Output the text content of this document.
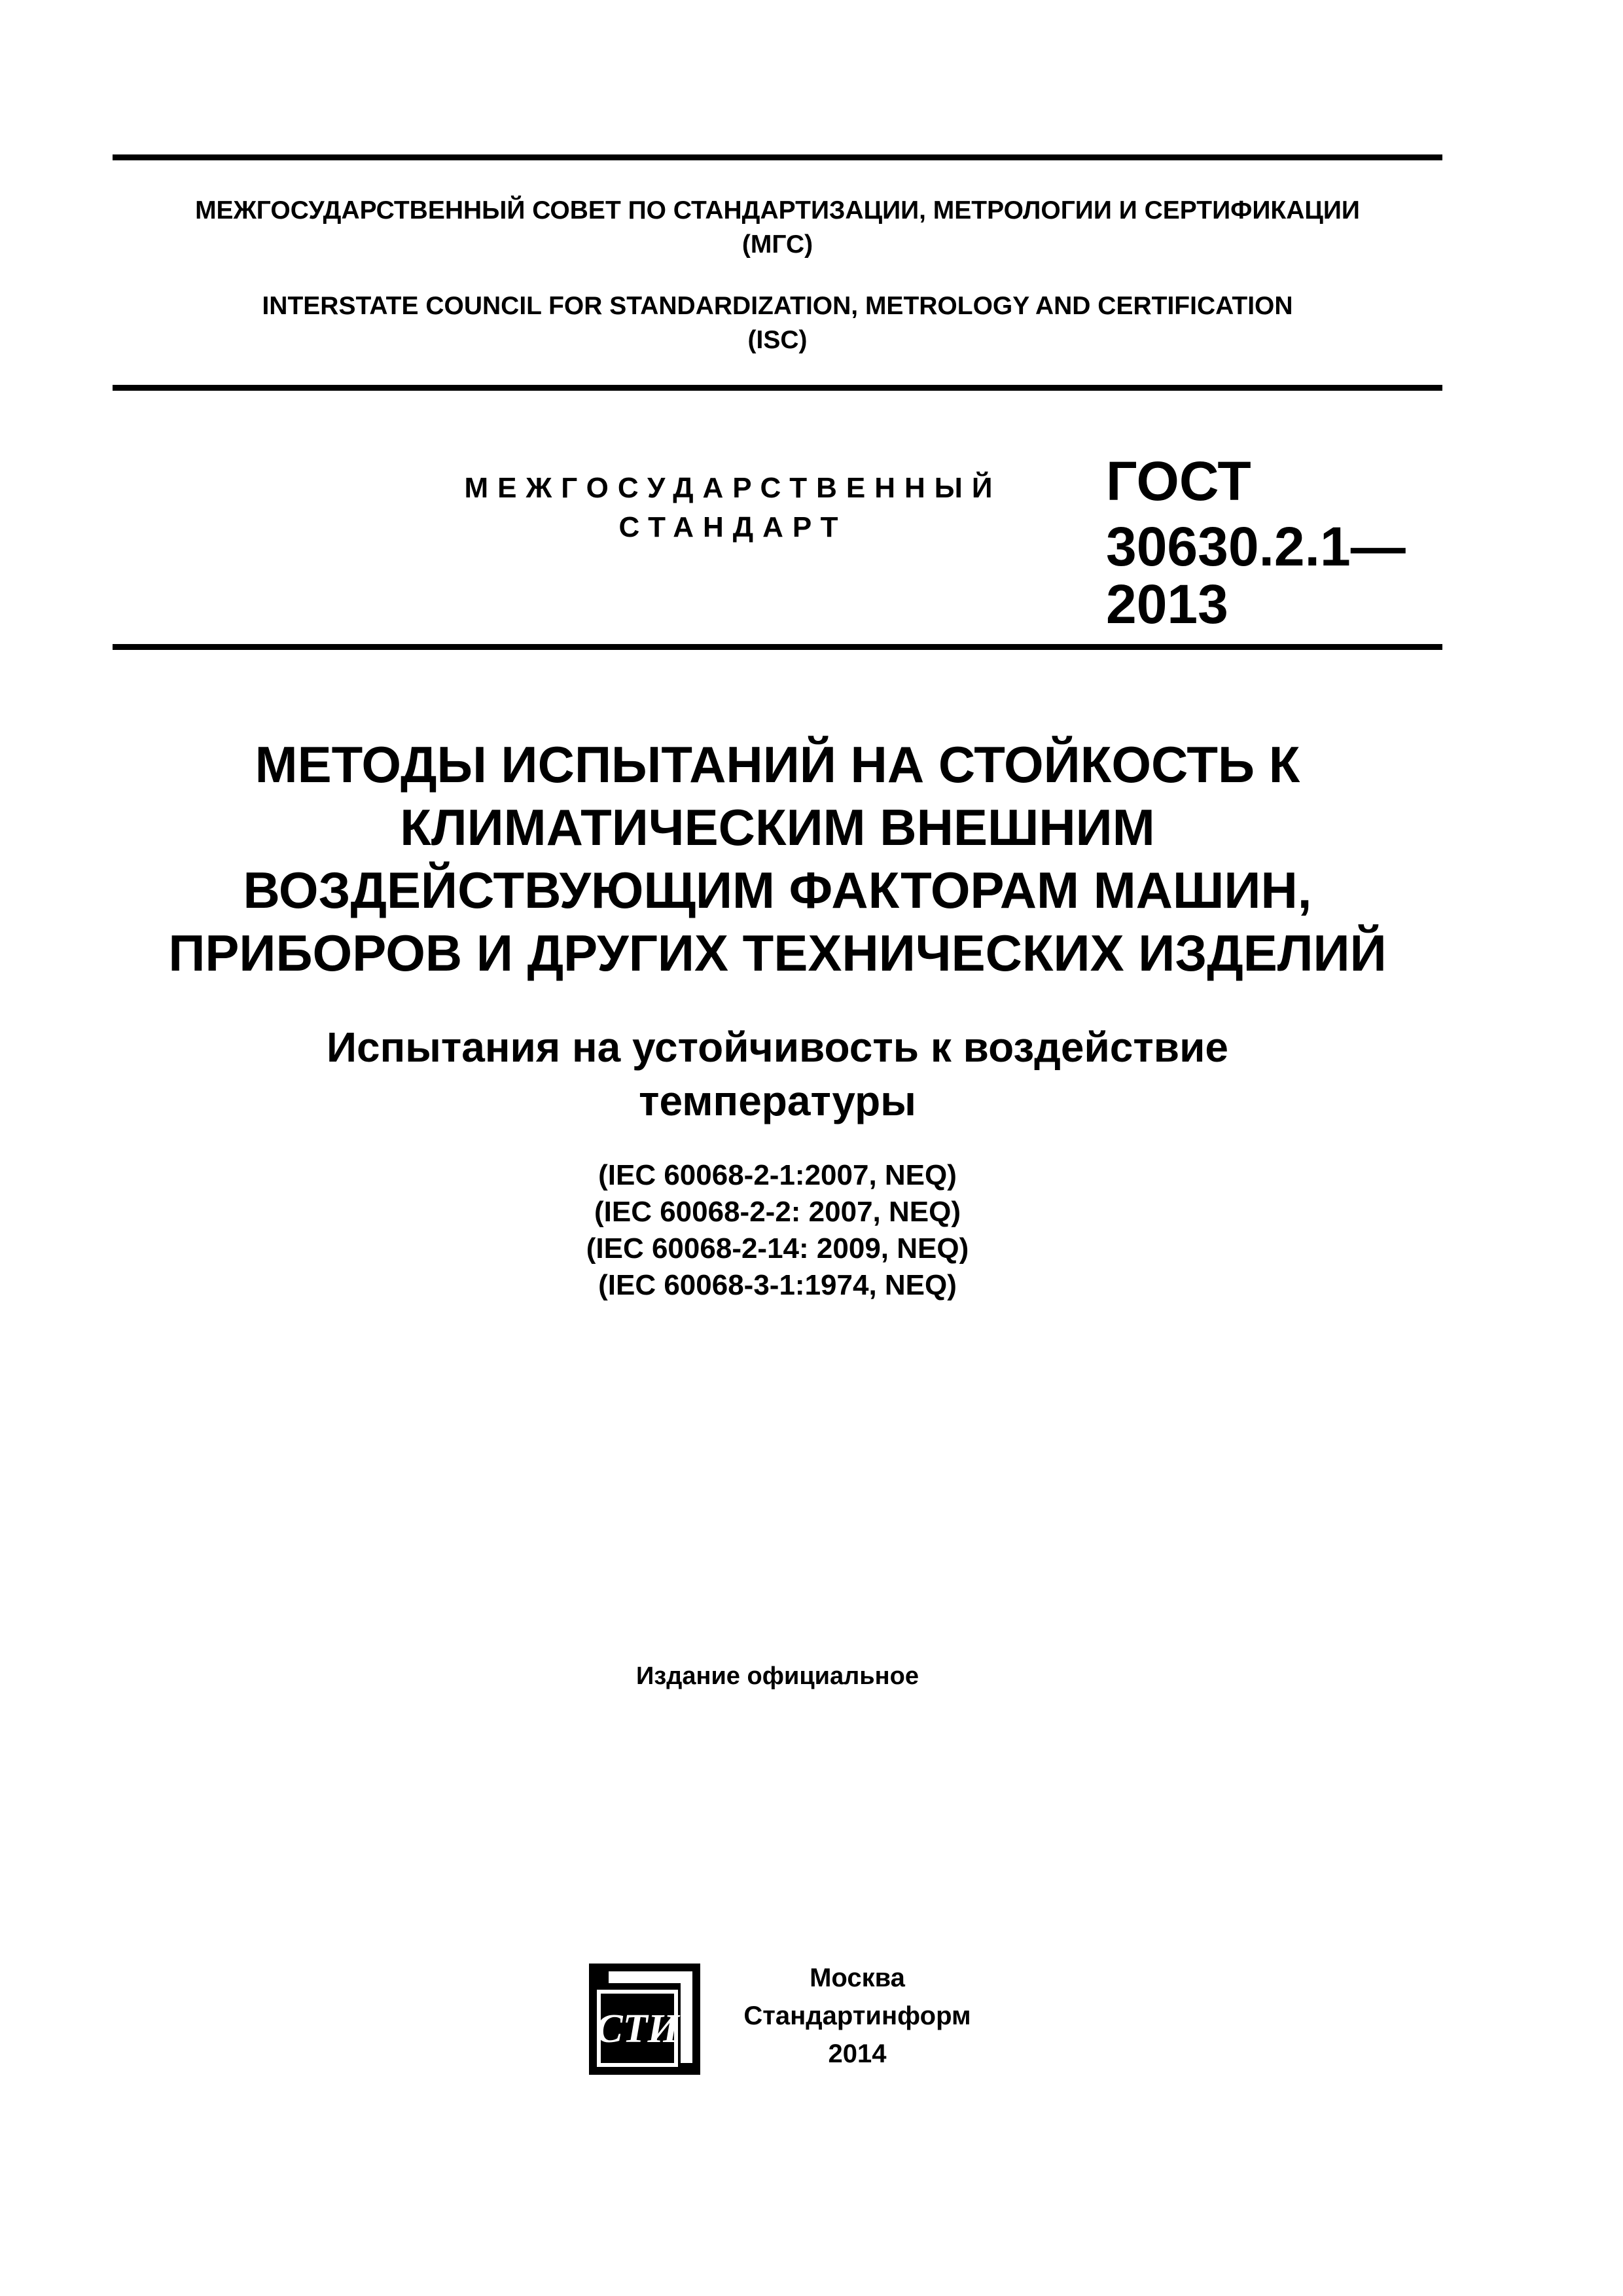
МЕЖГОСУДАРСТВЕННЫЙ СОВЕТ ПО СТАНДАРТИЗАЦИИ, МЕТРОЛОГИИ И СЕРТИФИКАЦИИ
(МГС)
INTERSTATE COUNCIL FOR STANDARDIZATION, METROLOGY AND CERTIFICATION
(ISC)
МЕЖГОСУДАРСТВЕННЫЙ
СТАНДАРТ
ГОСТ
30630.2.1—
2013
МЕТОДЫ ИСПЫТАНИЙ НА СТОЙКОСТЬ К
КЛИМАТИЧЕСКИМ ВНЕШНИМ
ВОЗДЕЙСТВУЮЩИМ ФАКТОРАМ МАШИН,
ПРИБОРОВ И ДРУГИХ ТЕХНИЧЕСКИХ ИЗДЕЛИЙ
Испытания на устойчивость к воздействие
температуры
(IEC 60068-2-1:2007, NEQ)
(IEC 60068-2-2: 2007, NEQ)
(IEC 60068-2-14: 2009, NEQ)
(IEC 60068-3-1:1974, NEQ)
Издание официальное
СТИ
Москва
Стандартинформ
2014
